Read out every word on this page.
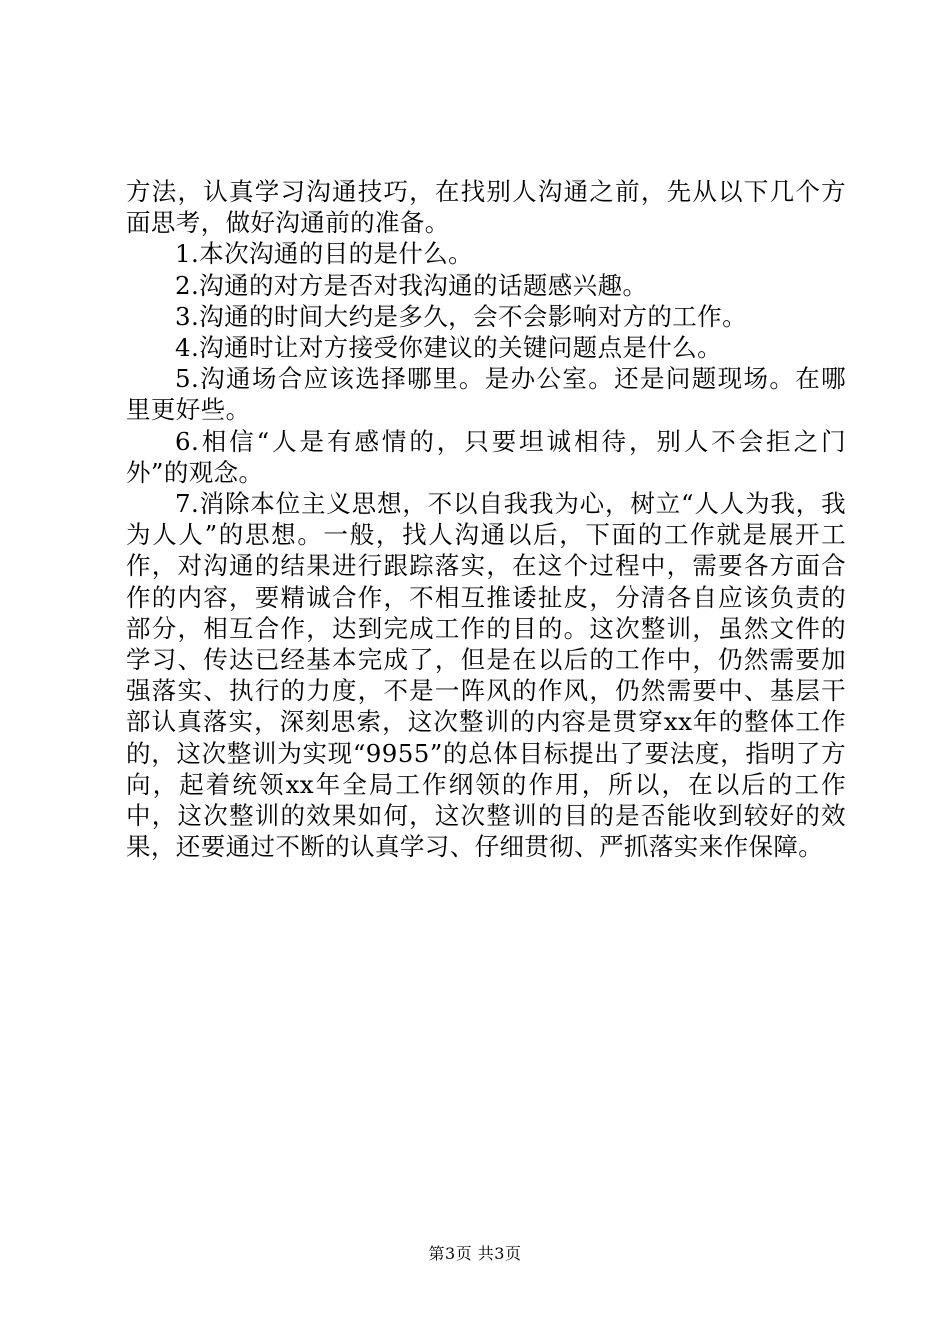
方法，认真学习沟通技巧，在找别人沟通之前，先从以下几个方面思考，做好沟通前的准备。

1.本次沟通的目的是什么。

2.沟通的对方是否对我沟通的话题感兴趣。

3.沟通的时间大约是多久，会不会影响对方的工作。

4.沟通时让对方接受你建议的关键问题点是什么。

5.沟通场合应该选择哪里。是办公室。还是问题现场。在哪里更好些。

6.相信“人是有感情的，只要坦诚相待，别人不会拒之门外”的观念。

7.消除本位主义思想，不以自我我为心，树立“人人为我，我为人人”的思想。一般，找人沟通以后，下面的工作就是展开工作，对沟通的结果进行跟踪落实，在这个过程中，需要各方面合作的内容，要精诚合作，不相互推诿扯皮，分清各自应该负责的部分，相互合作，达到完成工作的目的。这次整训，虽然文件的学习、传达已经基本完成了，但是在以后的工作中，仍然需要加强落实、执行的力度，不是一阵风的作风，仍然需要中、基层干部认真落实，深刻思索，这次整训的内容是贯穿xx年的整体工作的，这次整训为实现“9955”的总体目标提出了要法度，指明了方向，起着统领xx年全局工作纲领的作用，所以，在以后的工作中，这次整训的效果如何，这次整训的目的是否能收到较好的效果，还要通过不断的认真学习、仔细贯彻、严抓落实来作保障。

第3页 共3页
